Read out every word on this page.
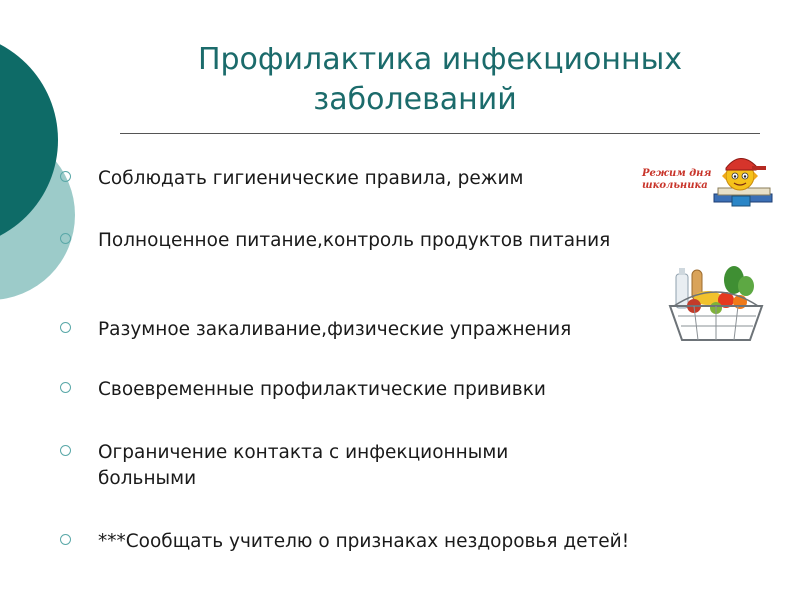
Профилактика инфекционных
заболеваний
Соблюдать гигиенические правила, режим
Полноценное питание,контроль продуктов питания
Разумное закаливание,физические упражнения
Своевременные профилактические прививки
Ограничение контакта с инфекционными больными
***Сообщать учителю о признаках нездоровья детей!
Режим дня школьника
